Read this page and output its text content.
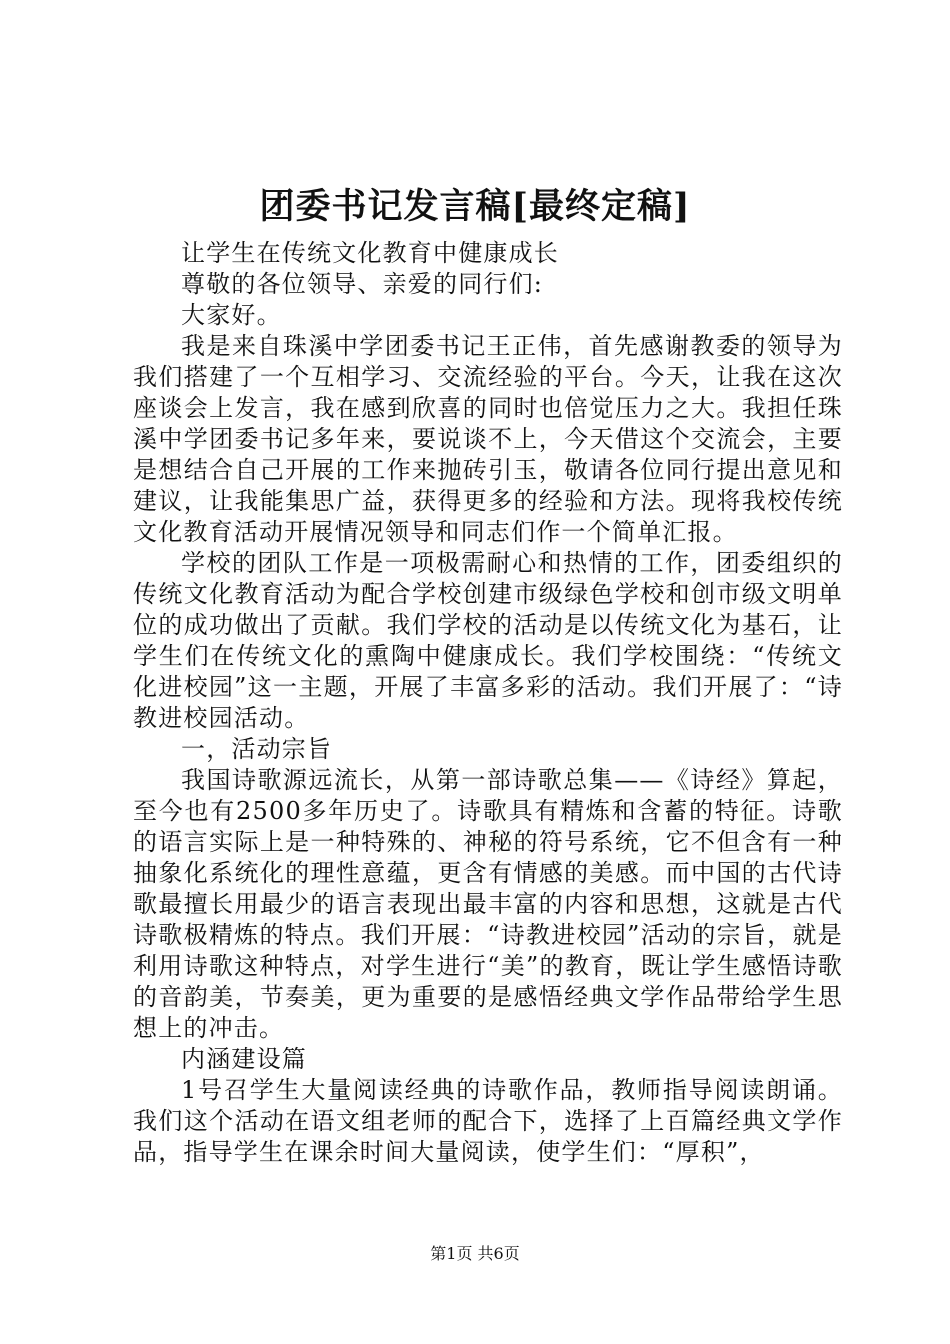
团委书记发言稿[最终定稿]

让学生在传统文化教育中健康成长

尊敬的各位领导、亲爱的同行们:

大家好。

我是来自珠溪中学团委书记王正伟，首先感谢教委的领导为我们搭建了一个互相学习、交流经验的平台。今天，让我在这次座谈会上发言，我在感到欣喜的同时也倍觉压力之大。我担任珠溪中学团委书记多年来，要说谈不上，今天借这个交流会，主要是想结合自己开展的工作来抛砖引玉，敬请各位同行提出意见和建议，让我能集思广益，获得更多的经验和方法。现将我校传统文化教育活动开展情况领导和同志们作一个简单汇报。

学校的团队工作是一项极需耐心和热情的工作，团委组织的传统文化教育活动为配合学校创建市级绿色学校和创市级文明单位的成功做出了贡献。我们学校的活动是以传统文化为基石，让学生们在传统文化的熏陶中健康成长。我们学校围绕：“传统文化进校园”这一主题，开展了丰富多彩的活动。我们开展了：“诗教进校园活动。

一，活动宗旨

我国诗歌源远流长，从第一部诗歌总集——《诗经》算起，至今也有2500多年历史了。诗歌具有精炼和含蓄的特征。诗歌的语言实际上是一种特殊的、神秘的符号系统，它不但含有一种抽象化系统化的理性意蕴，更含有情感的美感。而中国的古代诗歌最擅长用最少的语言表现出最丰富的内容和思想，这就是古代诗歌极精炼的特点。我们开展：“诗教进校园”活动的宗旨，就是利用诗歌这种特点，对学生进行“美”的教育，既让学生感悟诗歌的音韵美，节奏美，更为重要的是感悟经典文学作品带给学生思想上的冲击。

内涵建设篇

1号召学生大量阅读经典的诗歌作品，教师指导阅读朗诵。我们这个活动在语文组老师的配合下，选择了上百篇经典文学作品，指导学生在课余时间大量阅读，使学生们：“厚积”，

第1页 共6页
